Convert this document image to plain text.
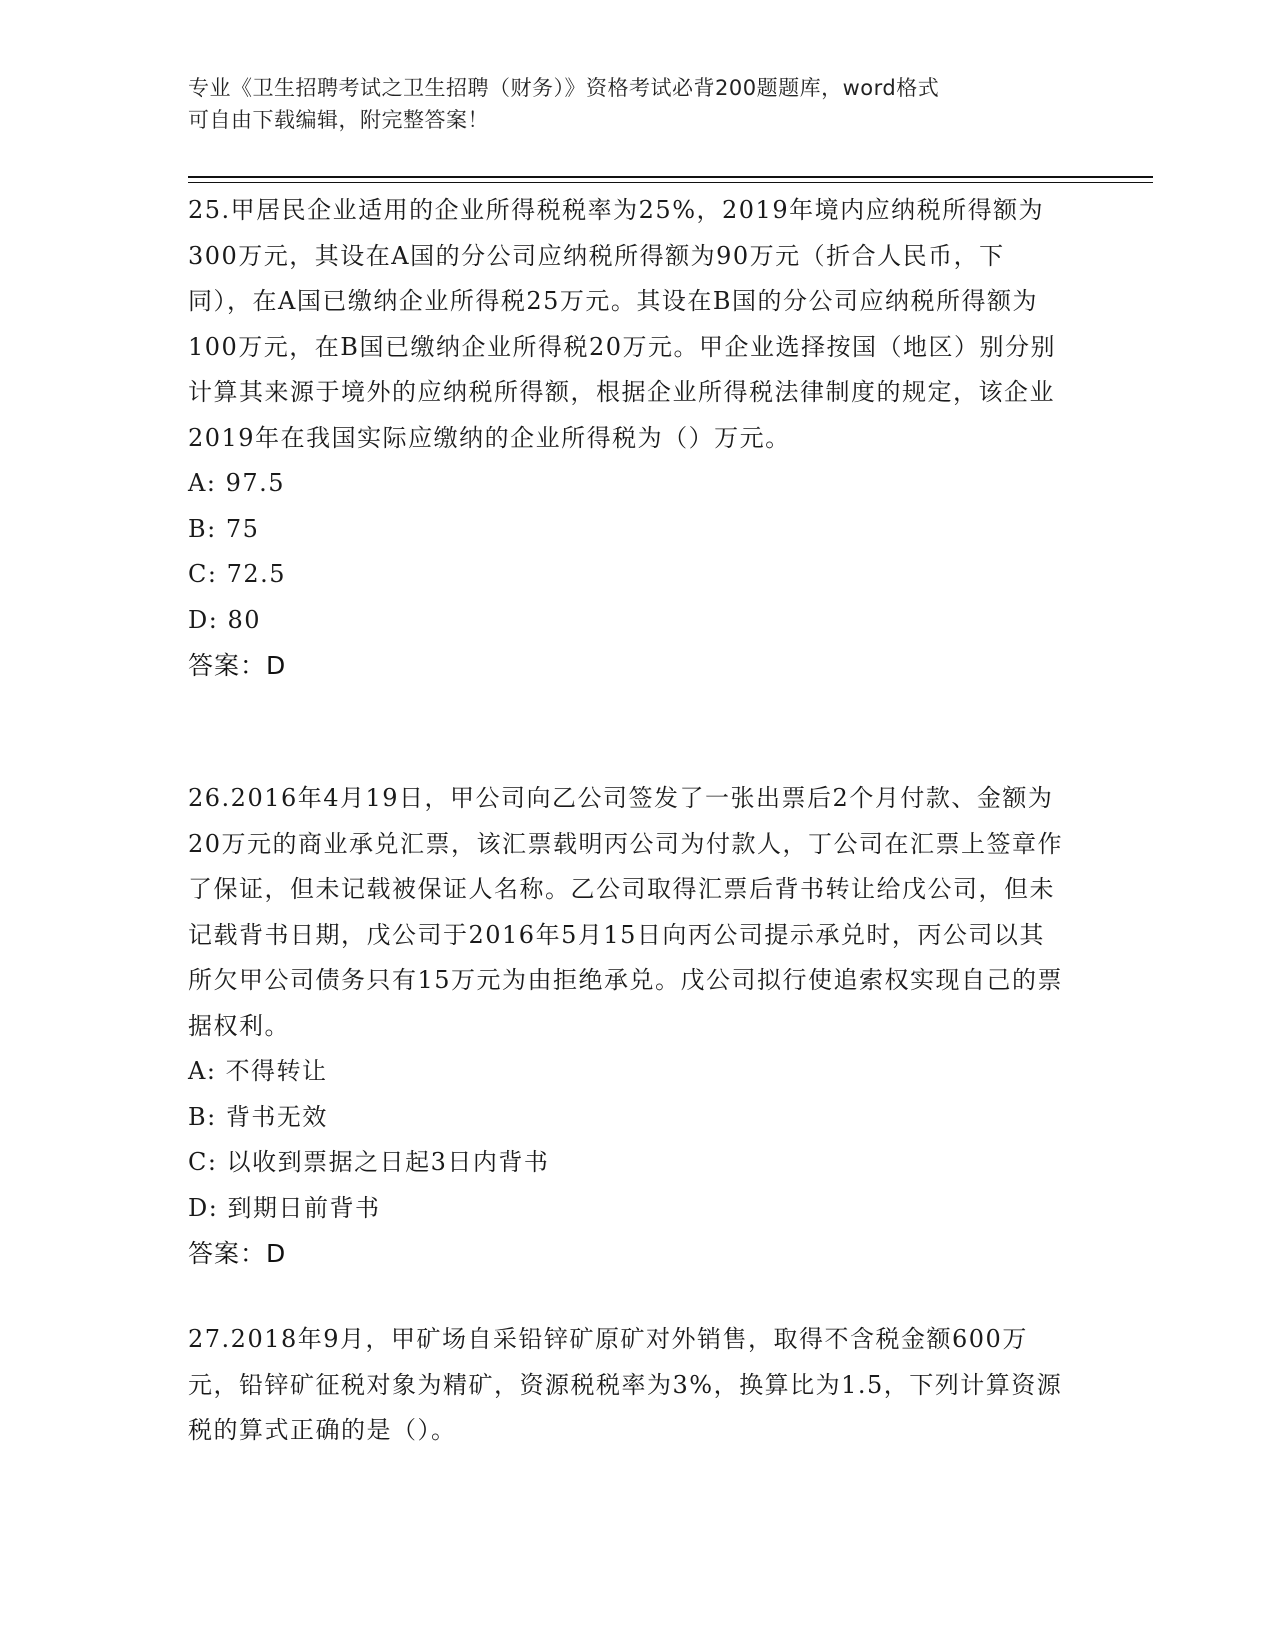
专业《卫生招聘考试之卫生招聘（财务）》资格考试必背200题题库，word格式
可自由下载编辑，附完整答案！

25.甲居民企业适用的企业所得税税率为25%，2019年境内应纳税所得额为300万元，其设在A国的分公司应纳税所得额为90万元（折合人民币，下同），在A国已缴纳企业所得税25万元。其设在B国的分公司应纳税所得额为100万元，在B国已缴纳企业所得税20万元。甲企业选择按国（地区）别分别计算其来源于境外的应纳税所得额，根据企业所得税法律制度的规定，该企业2019年在我国实际应缴纳的企业所得税为（）万元。

A: 97.5

B: 75

C: 72.5

D: 80

答案：D

26.2016年4月19日，甲公司向乙公司签发了一张出票后2个月付款、金额为20万元的商业承兑汇票，该汇票载明丙公司为付款人，丁公司在汇票上签章作了保证，但未记载被保证人名称。乙公司取得汇票后背书转让给戊公司，但未记载背书日期，戊公司于2016年5月15日向丙公司提示承兑时，丙公司以其所欠甲公司债务只有15万元为由拒绝承兑。戊公司拟行使追索权实现自己的票据权利。

A: 不得转让

B: 背书无效

C: 以收到票据之日起3日内背书

D: 到期日前背书

答案：D

27.2018年9月，甲矿场自采铅锌矿原矿对外销售，取得不含税金额600万元，铅锌矿征税对象为精矿，资源税税率为3%，换算比为1.5，下列计算资源税的算式正确的是（）。
